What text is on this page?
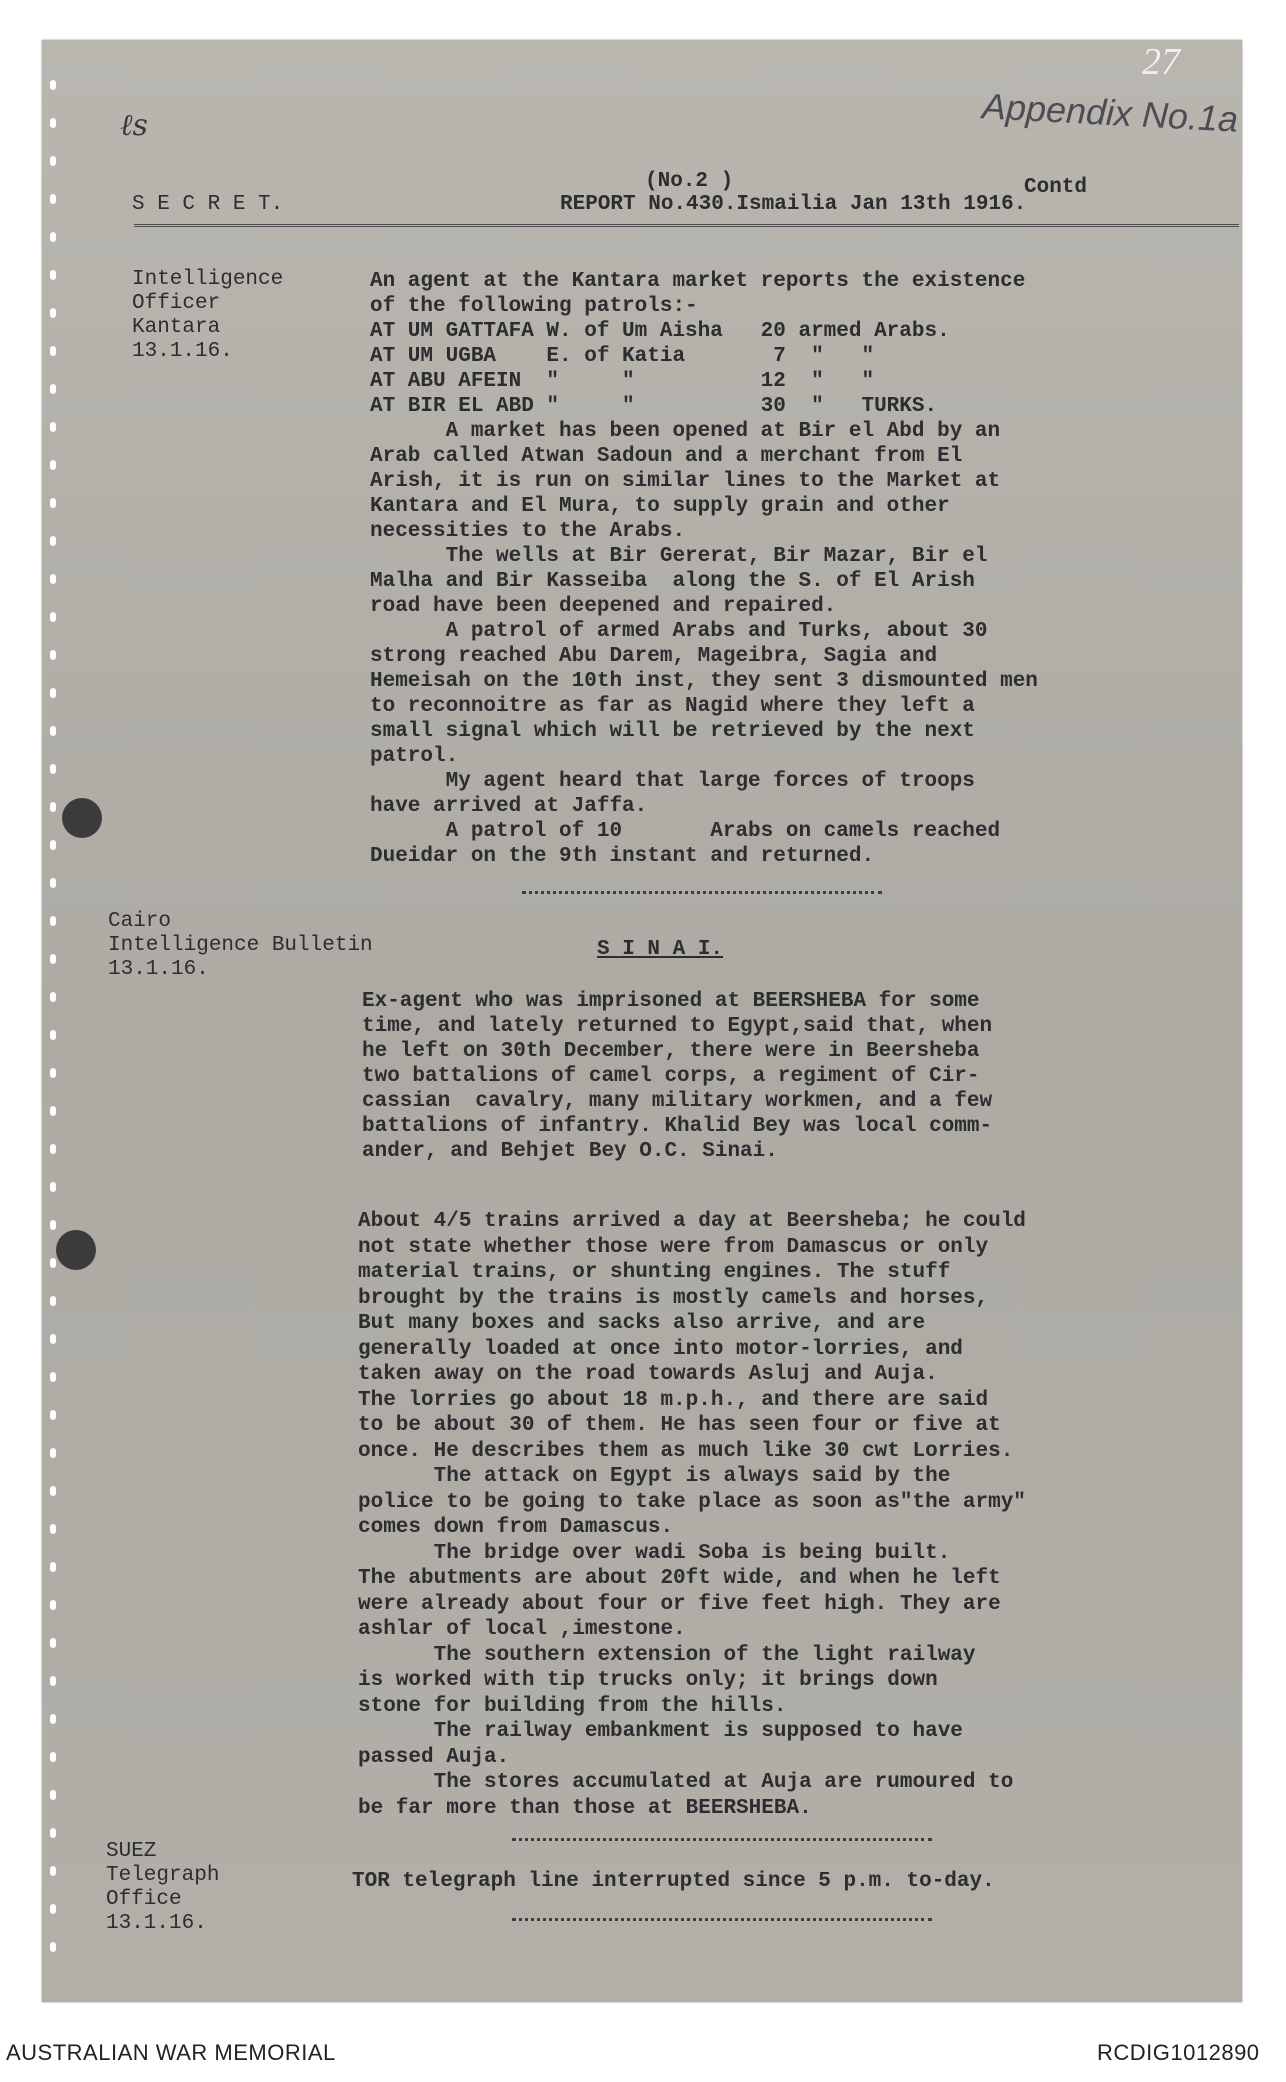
27
Appendix No.1a
ℓs
(No.2 )	Contd
S E C R E T.	REPORT No.430.Ismailia Jan 13th 1916.
Intelligence
Officer
Kantara
13.1.16.
An agent at the Kantara market reports the existence
of the following patrols:-
AT UM GATTAFA W. of Um Aisha   20 armed Arabs.
AT UM UGBA    E. of Katia       7  "   "
AT ABU AFEIN  "     "          12  "   "
AT BIR EL ABD "     "          30  "   TURKS.
A market has been opened at Bir el Abd by an
Arab called Atwan Sadoun and a merchant from El
Arish, it is run on similar lines to the Market at
Kantara and El Mura, to supply grain and other
necessities to the Arabs.
The wells at Bir Gererat, Bir Mazar, Bir el
Malha and Bir Kasseiba  along the S. of El Arish
road have been deepened and repaired.
A patrol of armed Arabs and Turks, about 30
strong reached Abu Darem, Mageibra, Sagia and
Hemeisah on the 10th inst, they sent 3 dismounted men
to reconnoitre as far as Nagid where they left a
small signal which will be retrieved by the next
patrol.
My agent heard that large forces of troops
have arrived at Jaffa.
A patrol of 10       Arabs on camels reached
Dueidar on the 9th instant and returned.
Cairo
Intelligence Bulletin
13.1.16.
S I N A I.
Ex-agent who was imprisoned at BEERSHEBA for some
time, and lately returned to Egypt,said that, when
he left on 30th December, there were in Beersheba
two battalions of camel corps, a regiment of Cir-
cassian  cavalry, many military workmen, and a few
battalions of infantry. Khalid Bey was local comm-
ander, and Behjet Bey O.C. Sinai.
About 4/5 trains arrived a day at Beersheba; he could
not state whether those were from Damascus or only
material trains, or shunting engines. The stuff
brought by the trains is mostly camels and horses,
But many boxes and sacks also arrive, and are
generally loaded at once into motor-lorries, and
taken away on the road towards Asluj and Auja.
The lorries go about 18 m.p.h., and there are said
to be about 30 of them. He has seen four or five at
once. He describes them as much like 30 cwt Lorries.
The attack on Egypt is always said by the
police to be going to take place as soon as"the army"
comes down from Damascus.
The bridge over wadi Soba is being built.
The abutments are about 20ft wide, and when he left
were already about four or five feet high. They are
ashlar of local ,imestone.
The southern extension of the light railway
is worked with tip trucks only; it brings down
stone for building from the hills.
The railway embankment is supposed to have
passed Auja.
The stores accumulated at Auja are rumoured to
be far more than those at BEERSHEBA.
SUEZ
Telegraph
Office
13.1.16.
TOR telegraph line interrupted since 5 p.m. to-day.
AUSTRALIAN WAR MEMORIAL	RCDIG1012890
